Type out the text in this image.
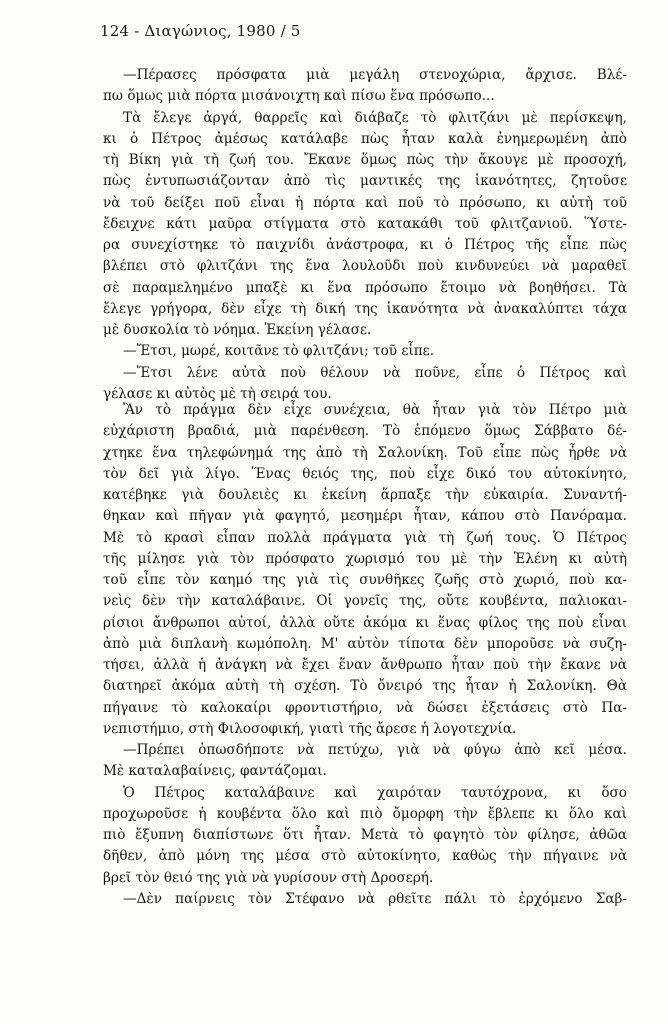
124 - Διαγώνιος, 1980 / 5
—Πέρασες πρόσφατα μιὰ μεγάλη στενοχώρια, ἄρχισε. Βλέ-
πω ὅμως μιὰ πόρτα μισάνοιχτη καὶ πίσω ἕνα πρόσωπο...
Τὰ ἔλεγε ἀργά, θαρρεῖς καὶ διάβαζε τὸ φλιτζάνι μὲ περίσκεψη,
κι ὁ Πέτρος ἀμέσως κατάλαβε πὼς ἦταν καλὰ ἐνημερωμένη ἀπὸ
τὴ Βίκη γιὰ τὴ ζωή του. Ἔκανε ὅμως πὼς τὴν ἄκουγε μὲ προσοχή,
πὼς ἐντυπωσιάζονταν ἀπὸ τὶς μαντικές της ἱκανότητες, ζητοῦσε
νὰ τοῦ δείξει ποῦ εἶναι ἡ πόρτα καὶ ποῦ τὸ πρόσωπο, κι αὐτὴ τοῦ
ἔδειχνε κάτι μαῦρα στίγματα στὸ κατακάθι τοῦ φλιτζανιοῦ. Ὕστε-
ρα συνεχίστηκε τὸ παιχνίδι ἀνάστροφα, κι ὁ Πέτρος τῆς εἶπε πὼς
βλέπει στὸ φλιτζάνι της ἕνα λουλοῦδι ποὺ κινδυνεύει νὰ μαραθεῖ
σὲ παραμελημένο μπαξὲ κι ἕνα πρόσωπο ἕτοιμο νὰ βοηθήσει. Τὰ
ἔλεγε γρήγορα, δὲν εἶχε τὴ δική της ἱκανότητα νὰ ἀνακαλύπτει τάχα
μὲ δυσκολία τὸ νόημα. Ἐκείνη γέλασε.
—Ἔτσι, μωρέ, κοιτᾶνε τὸ φλιτζάνι; τοῦ εἶπε.
—Ἔτσι λένε αὐτὰ ποὺ θέλουν νὰ ποῦνε, εἶπε ὁ Πέτρος καὶ
γέλασε κι αὐτὸς μὲ τὴ σειρά του.
Ἂν τὸ πράγμα δὲν εἶχε συνέχεια, θὰ ἦταν γιὰ τὸν Πέτρο μιὰ
εὐχάριστη βραδιά, μιὰ παρένθεση. Τὸ ἑπόμενο ὅμως Σάββατο δέ-
χτηκε ἕνα τηλεφώνημά της ἀπὸ τὴ Σαλονίκη. Τοῦ εἶπε πὼς ἦρθε νὰ
τὸν δεῖ γιὰ λίγο. Ἕνας θειός της, ποὺ εἶχε δικό του αὐτοκίνητο,
κατέβηκε γιὰ δουλειὲς κι ἐκείνη ἅρπαξε τὴν εὐκαιρία. Συναντή-
θηκαν καὶ πῆγαν γιὰ φαγητό, μεσημέρι ἦταν, κάπου στὸ Πανόραμα.
Μὲ τὸ κρασὶ εἶπαν πολλὰ πράγματα γιὰ τὴ ζωή τους. Ὁ Πέτρος
τῆς μίλησε γιὰ τὸν πρόσφατο χωρισμό του μὲ τὴν Ἑλένη κι αὐτὴ
τοῦ εἶπε τὸν καημό της γιὰ τὶς συνθῆκες ζωῆς στὸ χωριό, ποὺ κα-
νεὶς δὲν τὴν καταλάβαινε. Οἱ γονεῖς της, οὔτε κουβέντα, παλιοκαι-
ρίσιοι ἄνθρωποι αὐτοί, ἀλλὰ οὔτε ἀκόμα κι ἕνας φίλος της ποὺ εἶναι
ἀπὸ μιὰ διπλανὴ κωμόπολη. Μ' αὐτὸν τίποτα δὲν μποροῦσε νὰ συζη-
τήσει, ἀλλὰ ἡ ἀνάγκη νὰ ἔχει ἕναν ἄνθρωπο ἦταν ποὺ τὴν ἔκανε νὰ
διατηρεῖ ἀκόμα αὐτὴ τὴ σχέση. Τὸ ὄνειρό της ἦταν ἡ Σαλονίκη. Θὰ
πήγαινε τὸ καλοκαίρι φροντιστήριο, νὰ δώσει ἐξετάσεις στὸ Πα-
νεπιστήμιο, στὴ Φιλοσοφική, γιατὶ τῆς ἄρεσε ἡ λογοτεχνία.
—Πρέπει ὁπωσδήποτε νὰ πετύχω, γιὰ νὰ φύγω ἀπὸ κεῖ μέσα.
Μὲ καταλαβαίνεις, φαντάζομαι.
Ὁ Πέτρος καταλάβαινε καὶ χαιρόταν ταυτόχρονα, κι ὅσο
προχωροῦσε ἡ κουβέντα ὅλο καὶ πιὸ ὄμορφη τὴν ἔβλεπε κι ὅλο καὶ
πιὸ ἔξυπνη διαπίστωνε ὅτι ἦταν. Μετὰ τὸ φαγητὸ τὸν φίλησε, ἀθῶα
δῆθεν, ἀπὸ μόνη της μέσα στὸ αὐτοκίνητο, καθὼς τὴν πήγαινε νὰ
βρεῖ τὸν θειό της γιὰ νὰ γυρίσουν στὴ Δροσερή.
—Δὲν παίρνεις τὸν Στέφανο νὰ ρθεῖτε πάλι τὸ ἐρχόμενο Σαβ-
